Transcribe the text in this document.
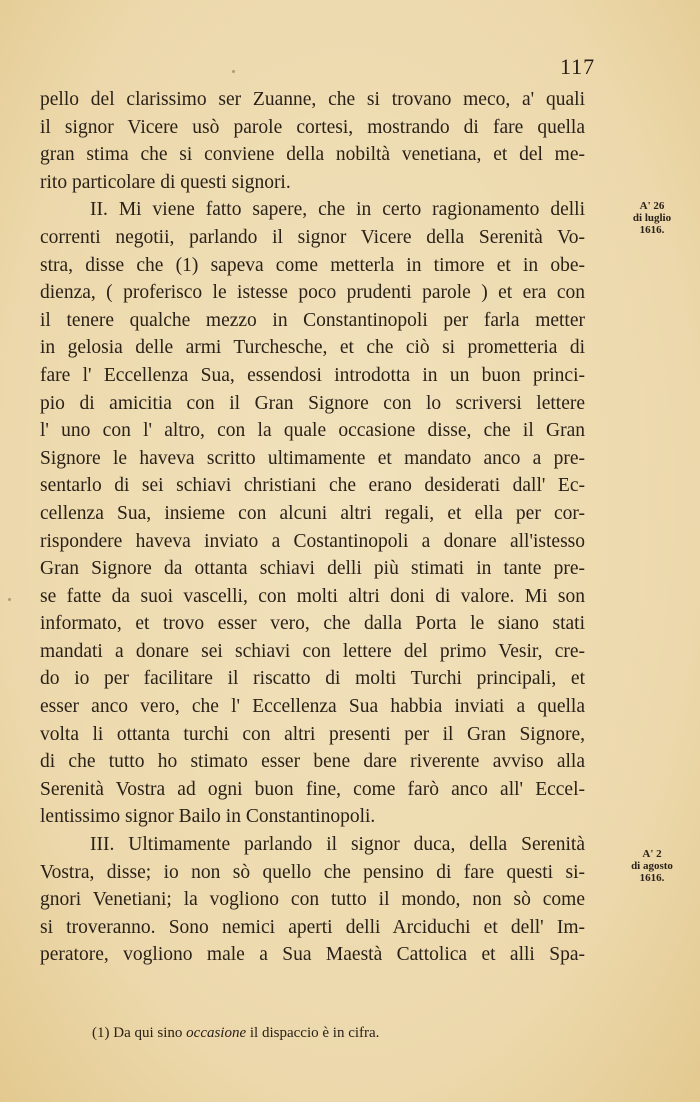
117
pello del clarissimo ser Zuanne, che si trovano meco, a' quali
il signor Vicere usò parole cortesi, mostrando di fare quella
gran stima che si conviene della nobiltà venetiana, et del me-
rito particolare di questi signori.
II. Mi viene fatto sapere, che in certo ragionamento delli
correnti negotii, parlando il signor Vicere della Serenità Vo-
stra, disse che (1) sapeva come metterla in timore et in obe-
dienza, ( proferisco le istesse poco prudenti parole ) et era con
il tenere qualche mezzo in Constantinopoli per farla metter
in gelosia delle armi Turchesche, et che ciò si prometteria di
fare l' Eccellenza Sua, essendosi introdotta in un buon princi-
pio di amicitia con il Gran Signore con lo scriversi lettere
l' uno con l' altro, con la quale occasione disse, che il Gran
Signore le haveva scritto ultimamente et mandato anco a pre-
sentarlo di sei schiavi christiani che erano desiderati dall' Ec-
cellenza Sua, insieme con alcuni altri regali, et ella per cor-
rispondere haveva inviato a Costantinopoli a donare all'istesso
Gran Signore da ottanta schiavi delli più stimati in tante pre-
se fatte da suoi vascelli, con molti altri doni di valore. Mi son
informato, et trovo esser vero, che dalla Porta le siano stati
mandati a donare sei schiavi con lettere del primo Vesir, cre-
do io per facilitare il riscatto di molti Turchi principali, et
esser anco vero, che l' Eccellenza Sua habbia inviati a quella
volta li ottanta turchi con altri presenti per il Gran Signore,
di che tutto ho stimato esser bene dare riverente avviso alla
Serenità Vostra ad ogni buon fine, come farò anco all' Eccel-
lentissimo signor Bailo in Constantinopoli.
III. Ultimamente parlando il signor duca, della Serenità
Vostra, disse; io non sò quello che pensino di fare questi si-
gnori Venetiani; la vogliono con tutto il mondo, non sò come
si troveranno. Sono nemici aperti delli Arciduchi et dell' Im-
peratore, vogliono male a Sua Maestà Cattolica et alli Spa-
A' 26
di luglio
1616.
A' 2
di agosto
1616.
(1) Da qui sino occasione il dispaccio è in cifra.
